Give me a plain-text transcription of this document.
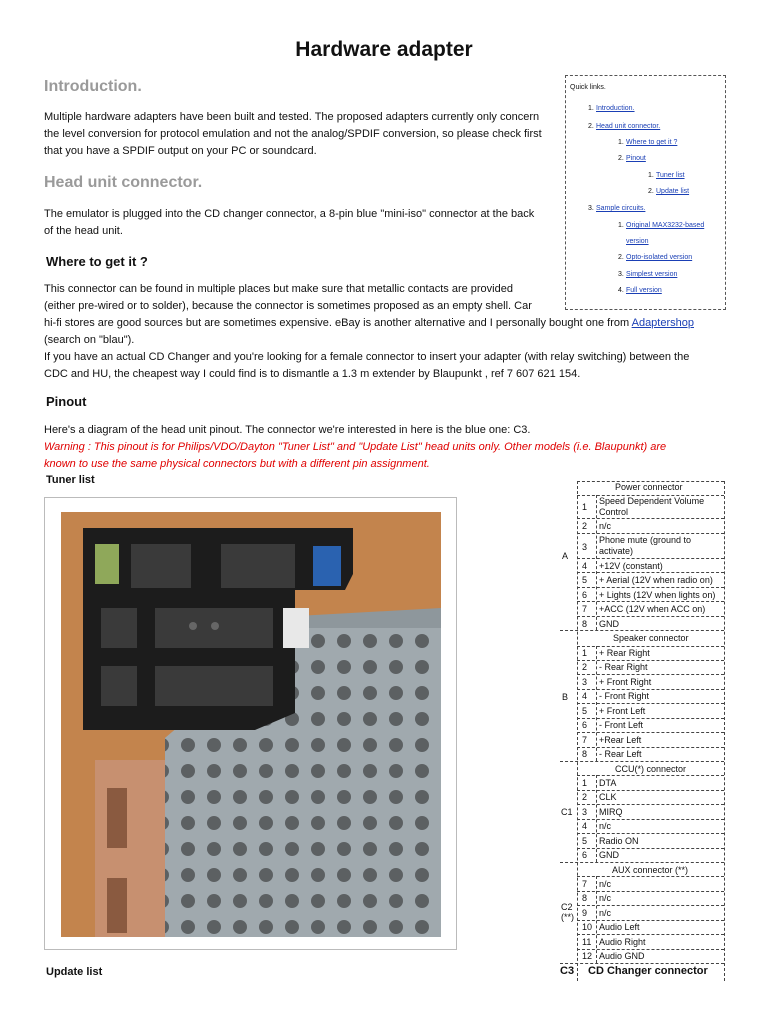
Hardware adapter
Introduction.
Multiple hardware adapters have been built and tested. The proposed adapters currently only concern
the level conversion for protocol emulation and not the analog/SPDIF conversion, so please check first
that you have a SPDIF output on your PC or soundcard.
Head unit connector.
The emulator is plugged into the CD changer connector, a 8-pin blue "mini-iso" connector at the back
of the head unit.
Where to get it ?
This connector can be found in multiple places but make sure that metallic contacts are provided
(either pre-wired or to solder), because the connector is sometimes proposed as an empty shell. Car
hi-fi stores are good sources but are sometimes expensive. eBay is another alternative and I personally bought one from Adaptershop
(search on "blau").
If you have an actual CD Changer and you're looking for a female connector to insert your adapter (with relay switching) between the
CDC and HU, the cheapest way I could find is to dismantle a 1.3 m extender by Blaupunkt , ref 7 607 621 154.
Pinout
Here's a diagram of the head unit pinout. The connector we're interested in here is the blue one: C3.
Warning : This pinout is for Philips/VDO/Dayton "Tuner List" and "Update List" head units only. Other models (i.e. Blaupunkt) are
known to use the same physical connectors but with a different pin assignment.
Tuner list
Update list
Quick links.
1. Introduction.
2. Head unit connector.
1. Where to get it ?
2. Pinout
1. Tuner list
2. Update list
3. Sample circuits.
1. Original MAX3232-based
version
2. Opto-isolated version
3. Simplest version
4. Full version
Power connector
A
1
Speed Dependent Volume
Control
2 n/c
3
Phone mute (ground to
activate)
4 +12V (constant)
5 + Aerial (12V when radio on)
6 + Lights (12V when lights on)
7 +ACC (12V when ACC on)
8 GND
Speaker connector
B
1 + Rear Right
2 - Rear Right
3 + Front Right
4 - Front Right
5 + Front Left
6 - Front Left
7 +Rear Left
8 - Rear Left
CCU(*) connector
C1
1 DTA
2 CLK
3 MIRQ
4 n/c
5 Radio ON
6 GND
AUX connector (**)
C2
(**)
7 n/c
8 n/c
9 n/c
10 Audio Left
11 Audio Right
12 Audio GND
C3 CD Changer connector
